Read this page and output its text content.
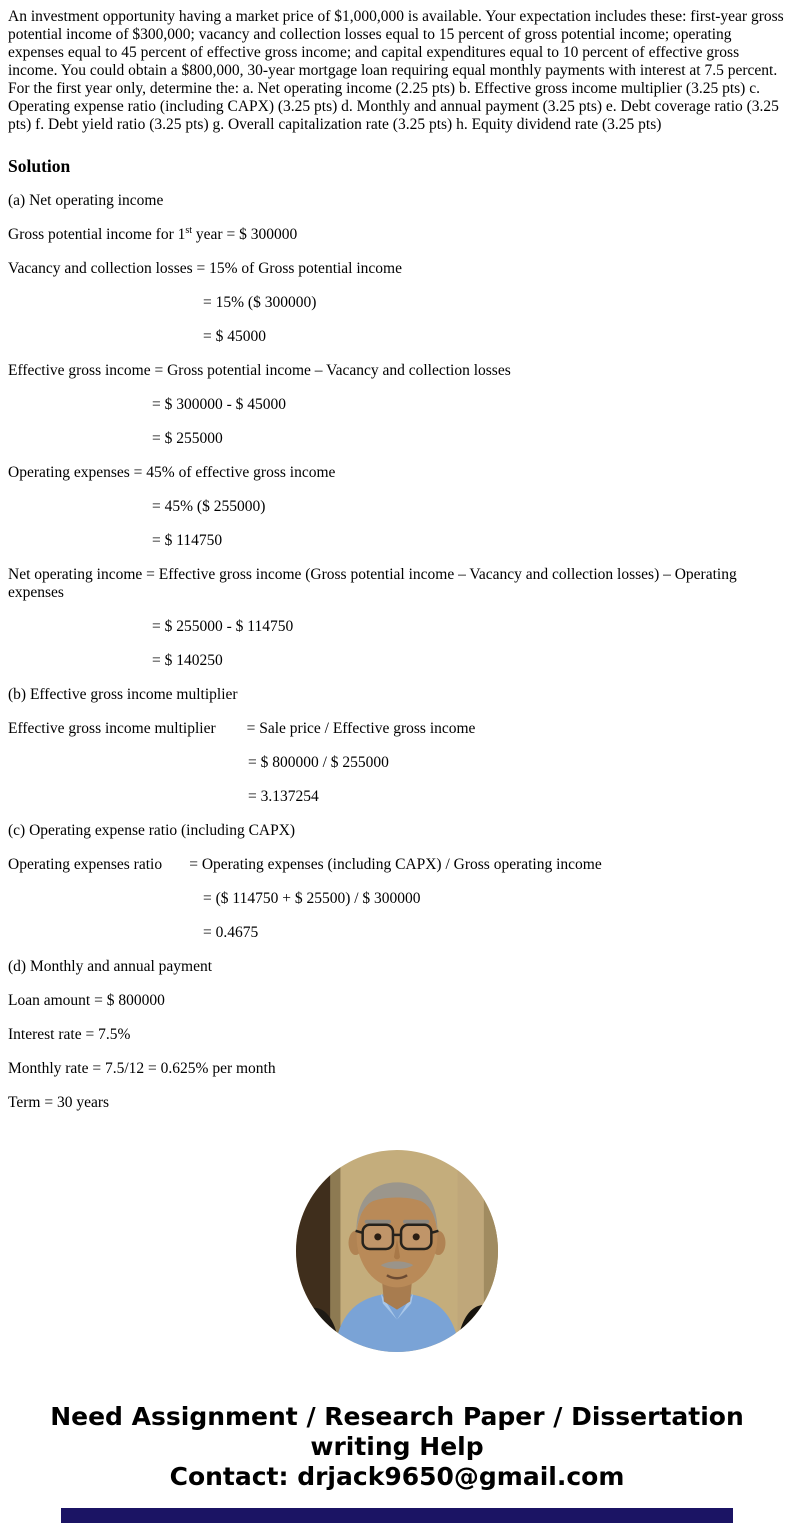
An investment opportunity having a market price of $1,000,000 is available. Your expectation includes these: first-year gross potential income of $300,000; vacancy and collection losses equal to 15 percent of gross potential income; operating expenses equal to 45 percent of effective gross income; and capital expenditures equal to 10 percent of effective gross income. You could obtain a $800,000, 30-year mortgage loan requiring equal monthly payments with interest at 7.5 percent. For the first year only, determine the: a. Net operating income (2.25 pts) b. Effective gross income multiplier (3.25 pts) c. Operating expense ratio (including CAPX) (3.25 pts) d. Monthly and annual payment (3.25 pts) e. Debt coverage ratio (3.25 pts) f. Debt yield ratio (3.25 pts) g. Overall capitalization rate (3.25 pts) h. Equity dividend rate (3.25 pts)

Solution

(a) Net operating income

Gross potential income for 1st year = $ 300000

Vacancy and collection losses = 15% of Gross potential income

= 15% ($ 300000)

= $ 45000

Effective gross income = Gross potential income – Vacancy and collection losses

= $ 300000 - $ 45000

= $ 255000

Operating expenses = 45% of effective gross income

= 45% ($ 255000)

= $ 114750

Net operating income = Effective gross income (Gross potential income – Vacancy and collection losses) – Operating expenses

= $ 255000 - $ 114750

= $ 140250

(b) Effective gross income multiplier

Effective gross income multiplier        = Sale price / Effective gross income

= $ 800000 / $ 255000

= 3.137254

(c) Operating expense ratio (including CAPX)

Operating expenses ratio       = Operating expenses (including CAPX) / Gross operating income

= ($ 114750 + $ 25500) / $ 300000

= 0.4675

(d) Monthly and annual payment

Loan amount = $ 800000

Interest rate = 7.5%

Monthly rate = 7.5/12 = 0.625% per month

Term = 30 years

Need Assignment / Research Paper / Dissertation
writing Help
Contact: drjack9650@gmail.com
